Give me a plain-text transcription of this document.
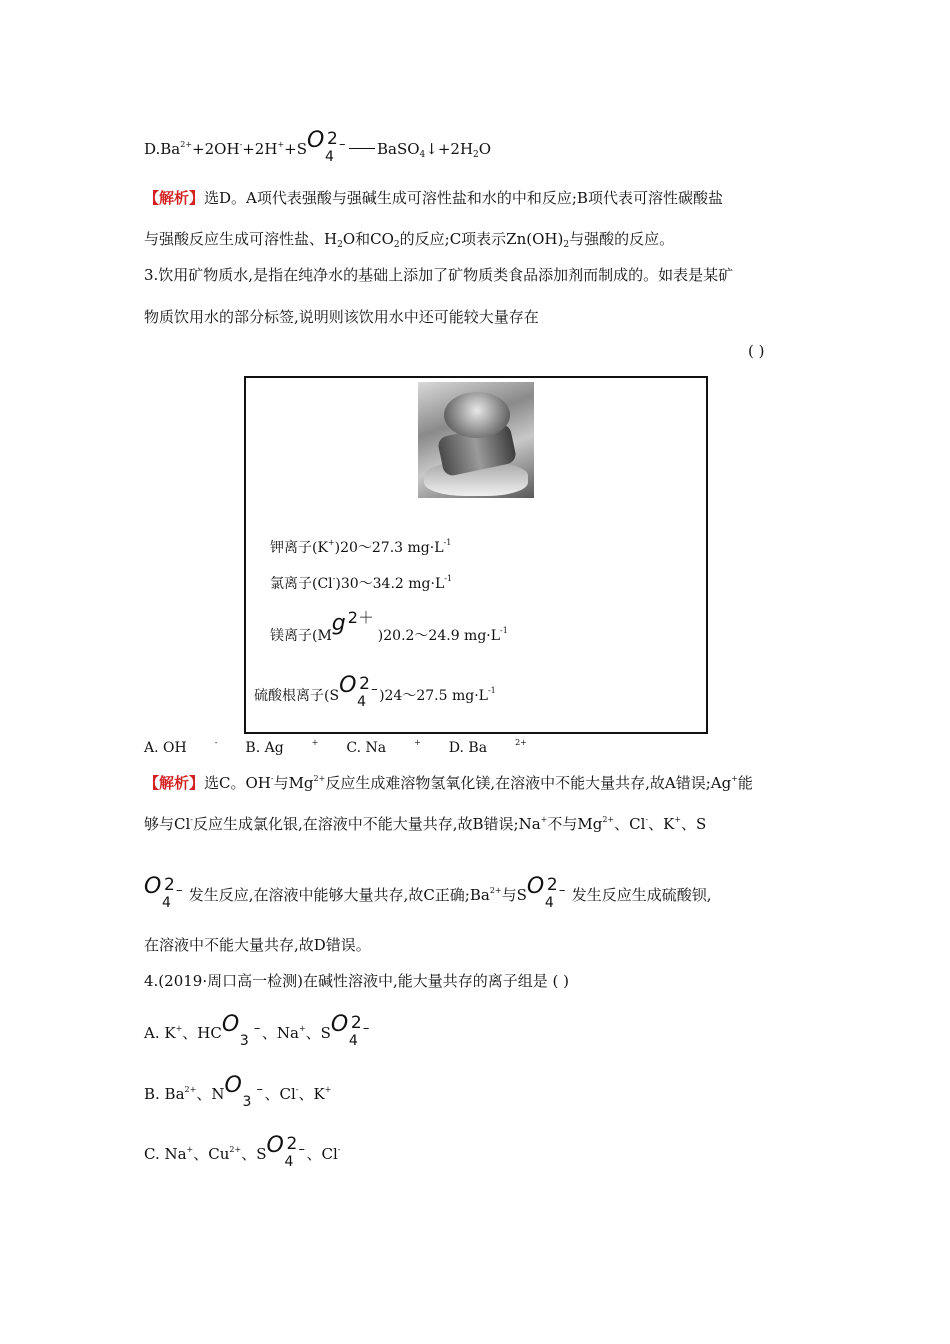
$D.Ba^{2+}+2OH^-+2H^++S$ O 2
4
– $BaSO_4↓+2H_2O$
【解析】选D。A项代表强酸与强碱生成可溶性盐和水的中和反应;B项代表可溶性碳酸盐
与强酸反应生成可溶性盐、$H_2O$和$CO_2$的反应;C项表示$Zn(OH)_2$与强酸的反应。
3.饮用矿物质水,是指在纯净水的基础上添加了矿物质类食品添加剂而制成的。如表是某矿
物质饮用水的部分标签,说明则该饮用水中还可能较大量存在
( )
钾离子(K+)20～27.3 $mg\cdot L^{-1}$
氯离子(Cl-)30～34.2 $mg\cdot L^{-1}$
镁离子(M g 2＋
)20.2～24.9 $mg\cdot L^{-1}$
硫酸根离子(S O 2
4
– )24～27.5 $mg\cdot L^{-1}$
A. OH	- B. Ag	+ C. Na	+ D. Ba	$^{2+}$
【解析】选C。OH-与$Mg^{2+}$反应生成难溶物氢氧化镁,在溶液中不能大量共存,故A错误;Ag+能
够与Cl-反应生成氯化银,在溶液中不能大量共存,故B错误;Na+不与$Mg^{2+}$、Cl-、K+、S
O 2
4
– 发生反应,在溶液中能够大量共存,故C正确$;Ba^{2+}$与S O 2
4
– 发生反应生成硫酸钡,
在溶液中不能大量共存,故D错误。
4.(2019·周口高一检测)在碱性溶液中,能大量共存的离子组是 ( )
A. K+、HC O
3
– 、Na+、S O 2
4
–
B. $Ba^{2+}$、N O
3
– 、Cl-、K+
C. Na+、$Cu^{2+}$、S O 2
4
– 、Cl-
